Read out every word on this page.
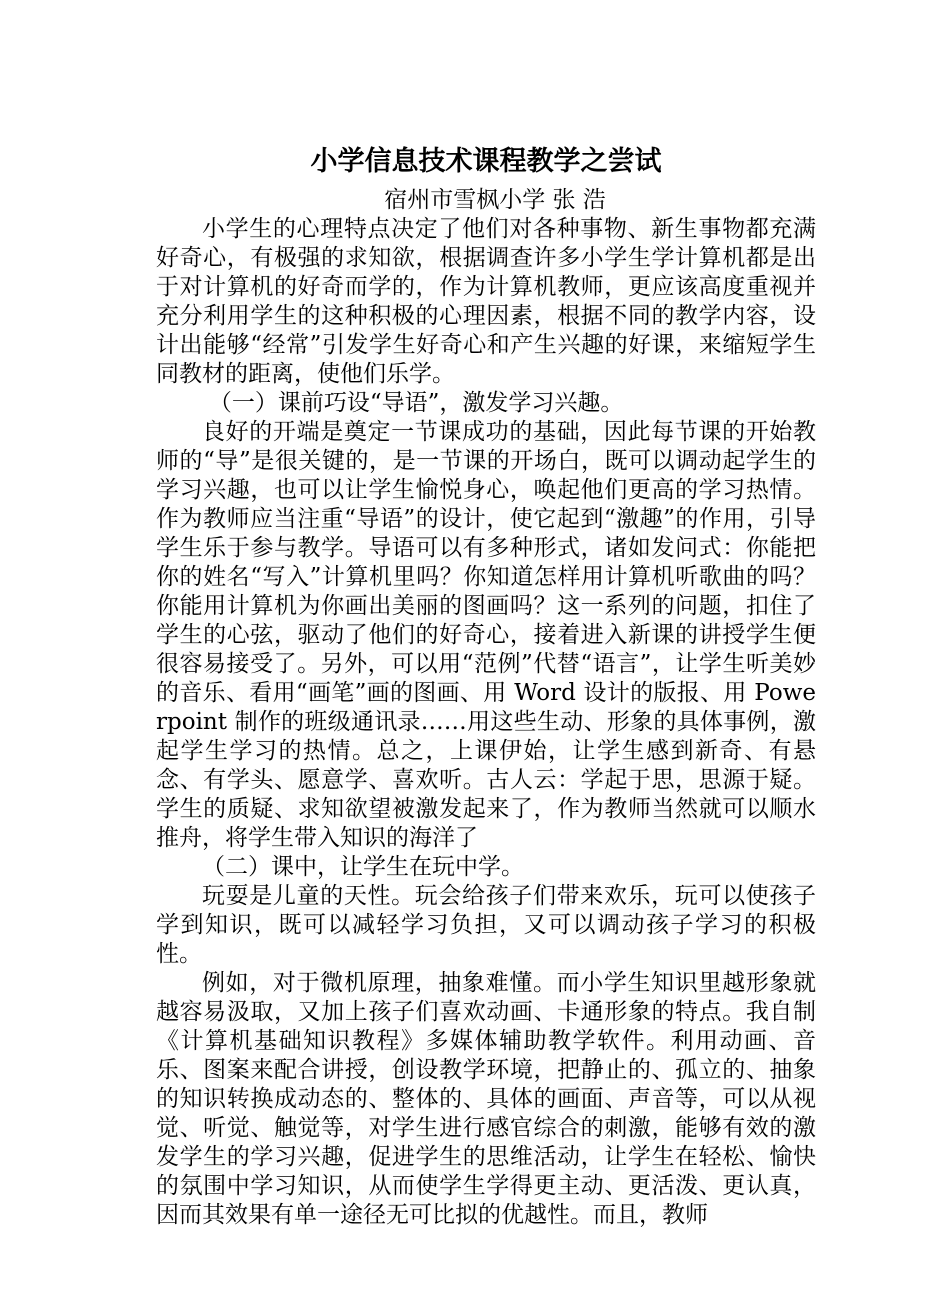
小学信息技术课程教学之尝试
宿州市雪枫小学 张 浩

小学生的心理特点决定了他们对各种事物、新生事物都充满好奇心，有极强的求知欲，根据调查许多小学生学计算机都是出于对计算机的好奇而学的，作为计算机教师，更应该高度重视并充分利用学生的这种积极的心理因素，根据不同的教学内容，设计出能够“经常”引发学生好奇心和产生兴趣的好课，来缩短学生同教材的距离，使他们乐学。

（一）课前巧设“导语”，激发学习兴趣。

良好的开端是奠定一节课成功的基础，因此每节课的开始教师的“导”是很关键的，是一节课的开场白，既可以调动起学生的学习兴趣，也可以让学生愉悦身心，唤起他们更高的学习热情。作为教师应当注重“导语”的设计，使它起到“激趣”的作用，引导学生乐于参与教学。导语可以有多种形式，诸如发问式：你能把你的姓名“写入”计算机里吗？你知道怎样用计算机听歌曲的吗？你能用计算机为你画出美丽的图画吗？这一系列的问题，扣住了学生的心弦，驱动了他们的好奇心，接着进入新课的讲授学生便很容易接受了。另外，可以用“范例”代替“语言”，让学生听美妙的音乐、看用“画笔”画的图画、用 Word 设计的版报、用 Powerpoint 制作的班级通讯录……用这些生动、形象的具体事例，激起学生学习的热情。总之，上课伊始，让学生感到新奇、有悬念、有学头、愿意学、喜欢听。古人云：学起于思，思源于疑。学生的质疑、求知欲望被激发起来了，作为教师当然就可以顺水推舟，将学生带入知识的海洋了

（二）课中，让学生在玩中学。

玩耍是儿童的天性。玩会给孩子们带来欢乐，玩可以使孩子学到知识，既可以减轻学习负担，又可以调动孩子学习的积极性。

例如，对于微机原理，抽象难懂。而小学生知识里越形象就越容易汲取，又加上孩子们喜欢动画、卡通形象的特点。我自制《计算机基础知识教程》多媒体辅助教学软件。利用动画、音乐、图案来配合讲授，创设教学环境，把静止的、孤立的、抽象的知识转换成动态的、整体的、具体的画面、声音等，可以从视觉、听觉、触觉等，对学生进行感官综合的刺激，能够有效的激发学生的学习兴趣，促进学生的思维活动，让学生在轻松、愉快的氛围中学习知识，从而使学生学得更主动、更活泼、更认真，因而其效果有单一途径无可比拟的优越性。而且，教师
